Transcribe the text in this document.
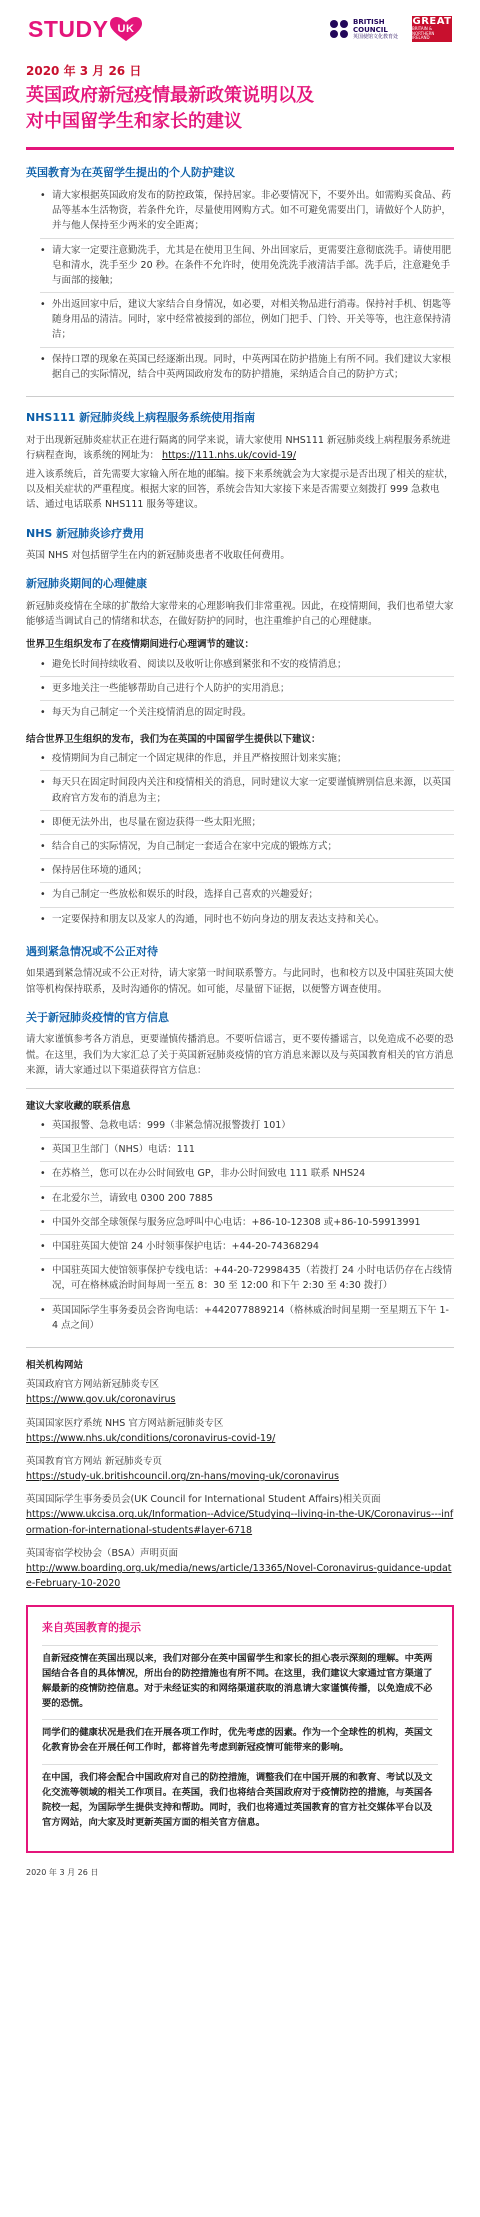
STUDY UK
BRITISH
COUNCIL
英国使馆文化教育处
GREAT
BRITAIN & NORTHERN IRELAND
2020 年 3 月 26 日
英国政府新冠疫情最新政策说明以及
对中国留学生和家长的建议
英国教育为在英留学生提出的个人防护建议
• 请大家根据英国政府发布的防控政策，保持居家。非必要情况下，不要外出。如需购买食品、药品等基本生活物资，若条件允许，尽量使用网购方式。如不可避免需要出门，请做好个人防护，并与他人保持至少两米的安全距离；
• 请大家一定要注意勤洗手，尤其是在使用卫生间、外出回家后，更需要注意彻底洗手。请使用肥皂和清水，洗手至少 20 秒。在条件不允许时，使用免洗洗手液清洁手部。洗手后，注意避免手与面部的接触；
• 外出返回家中后，建议大家结合自身情况，如必要，对相关物品进行消毒。保持衬手机、钥匙等随身用品的清洁。同时，家中经常被接到的部位，例如门把手、门铃、开关等等，也注意保持清洁；
• 保持口罩的现象在英国已经逐渐出现。同时，中英两国在防护措施上有所不同。我们建议大家根据自己的实际情况，结合中英两国政府发布的防护措施，采纳适合自己的防护方式；
NHS111 新冠肺炎线上病程服务系统使用指南

对于出现新冠肺炎症状正在进行隔离的同学来说，请大家使用 NHS111 新冠肺炎线上病程服务系统进行病程查询，该系统的网址为： https://111.nhs.uk/covid-19/

进入该系统后，首先需要大家输入所在地的邮编。接下来系统就会为大家提示是否出现了相关的症状，以及相关症状的严重程度。根据大家的回答，系统会告知大家接下来是否需要立刻拨打 999 急救电话、通过电话联系 NHS111 服务等建议。

NHS 新冠肺炎诊疗费用

英国 NHS 对包括留学生在内的新冠肺炎患者不收取任何费用。

新冠肺炎期间的心理健康

新冠肺炎疫情在全球的扩散给大家带来的心理影响我们非常重视。因此，在疫情期间，我们也希望大家能够适当调试自己的情绪和状态，在做好防护的同时，也注重维护自己的心理健康。

世界卫生组织发布了在疫情期间进行心理调节的建议：
• 避免长时间持续收看、阅读以及收听让你感到紧张和不安的疫情消息；
• 更多地关注一些能够帮助自己进行个人防护的实用消息；
• 每天为自己制定一个关注疫情消息的固定时段。
结合世界卫生组织的发布，我们为在英国的中国留学生提供以下建议：
• 疫情期间为自己制定一个固定规律的作息，并且严格按照计划来实施；
• 每天只在固定时间段内关注和疫情相关的消息，同时建议大家一定要谨慎辨别信息来源，以英国政府官方发布的消息为主；
• 即便无法外出，也尽量在窗边获得一些太阳光照；
• 结合自己的实际情况，为自己制定一套适合在家中完成的锻炼方式；
• 保持居住环境的通风；
• 为自己制定一些放松和娱乐的时段，选择自己喜欢的兴趣爱好；
• 一定要保持和朋友以及家人的沟通，同时也不妨向身边的朋友表达支持和关心。
遇到紧急情况或不公正对待

如果遇到紧急情况或不公正对待，请大家第一时间联系警方。与此同时，也和校方以及中国驻英国大使馆等机构保持联系，及时沟通你的情况。如可能，尽量留下证据，以便警方调查使用。

关于新冠肺炎疫情的官方信息

请大家谨慎参考各方消息，更要谨慎传播消息。不要听信谣言，更不要传播谣言，以免造成不必要的恐慌。在这里，我们为大家汇总了关于英国新冠肺炎疫情的官方消息来源以及与英国教育相关的官方消息来源，请大家通过以下渠道获得官方信息：

建议大家收藏的联系信息
• 英国报警、急救电话：999（非紧急情况报警拨打 101）
• 英国卫生部门（NHS）电话：111
• 在苏格兰，您可以在办公时间致电 GP，非办公时间致电 111 联系 NHS24
• 在北爱尔兰，请致电 0300 200 7885
• 中国外交部全球领保与服务应急呼叫中心电话：+86-10-12308 或+86-10-59913991
• 中国驻英国大使馆 24 小时领事保护电话：+44-20-74368294
• 中国驻英国大使馆领事保护专线电话：+44-20-72998435（若拨打 24 小时电话仍存在占线情况，可在格林威治时间每周一至五 8：30 至 12:00 和下午 2:30 至 4:30 拨打）
• 英国国际学生事务委员会咨询电话：+442077889214（格林威治时间星期一至星期五下午 1-4 点之间）
相关机构网站
英国政府官方网站新冠肺炎专区
https://www.gov.uk/coronavirus
英国国家医疗系统 NHS 官方网站新冠肺炎专区
https://www.nhs.uk/conditions/coronavirus-covid-19/
英国教育官方网站 新冠肺炎专页
https://study-uk.britishcouncil.org/zn-hans/moving-uk/coronavirus
英国国际学生事务委员会(UK Council for International Student Affairs)相关页面
https://www.ukcisa.org.uk/Information--Advice/Studying--living-in-the-UK/Coronavirus---information-for-international-students#layer-6718
英国寄宿学校协会（BSA）声明页面
http://www.boarding.org.uk/media/news/article/13365/Novel-Coronavirus-guidance-update-February-10-2020
来自英国教育的提示

自新冠疫情在英国出现以来，我们对部分在英中国留学生和家长的担心表示深刻的理解。中英两国结合各自的具体情况，所出台的防控措施也有所不同。在这里，我们建议大家通过官方渠道了解最新的疫情防控信息。对于未经证实的和网络渠道获取的消息请大家谨慎传播，以免造成不必要的恐慌。

同学们的健康状况是我们在开展各项工作时，优先考虑的因素。作为一个全球性的机构，英国文化教育协会在开展任何工作时，都将首先考虑到新冠疫情可能带来的影响。

在中国，我们将会配合中国政府对自己的防控措施，调整我们在中国开展的和教育、考试以及文化交流等领域的相关工作项目。在英国，我们也将结合英国政府对于疫情防控的措施，与英国各院校一起，为国际学生提供支持和帮助。同时，我们也将通过英国教育的官方社交媒体平台以及官方网站，向大家及时更新英国方面的相关官方信息。

2020 年 3 月 26 日
